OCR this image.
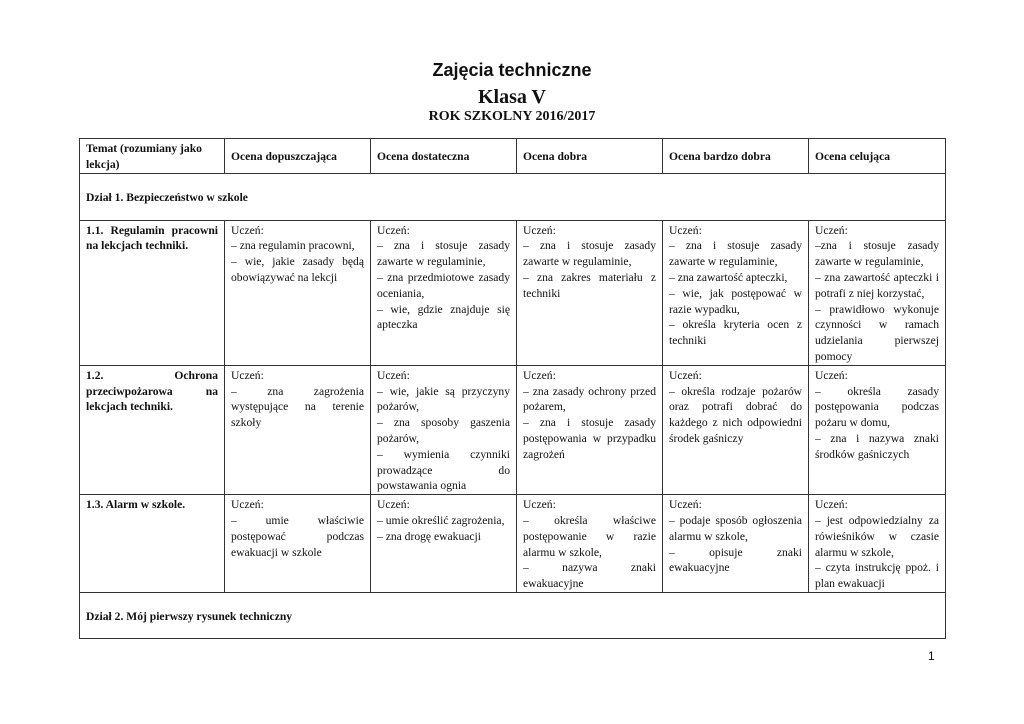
Zajęcia techniczne
Klasa V
ROK SZKOLNY 2016/2017
Temat (rozumiany jako lekcja)	Ocena dopuszczająca	Ocena dostateczna	Ocena dobra	Ocena bardzo dobra	Ocena celująca
Dział 1. Bezpieczeństwo w szkole					
1.1. Regulamin pracowni na lekcjach techniki.	Uczeń:
– zna regulamin pracowni,
– wie, jakie zasady będą obowiązywać na lekcji	Uczeń:
– zna i stosuje zasady zawarte w regulaminie,
– zna przedmiotowe zasady oceniania,
– wie, gdzie znajduje się apteczka	Uczeń:
– zna i stosuje zasady zawarte w regulaminie,
– zna zakres materiału z techniki	Uczeń:
– zna i stosuje zasady zawarte w regulaminie,
– zna zawartość apteczki,
– wie, jak postępować w razie wypadku,
– określa kryteria ocen z techniki	Uczeń:
–zna i stosuje zasady zawarte w regulaminie,
– zna zawartość apteczki i potrafi z niej korzystać,
– prawidłowo wykonuje czynności w ramach udzielania pierwszej pomocy

1.2. Ochrona przeciwpożarowa na lekcjach techniki.	Uczeń:
– zna zagrożenia występujące na terenie szkoły	Uczeń:
– wie, jakie są przyczyny pożarów,
– zna sposoby gaszenia pożarów,
– wymienia czynniki prowadzące do powstawania ognia	Uczeń:
– zna zasady ochrony przed pożarem,
– zna i stosuje zasady postępowania w przypadku zagrożeń	Uczeń:
– określa rodzaje pożarów oraz potrafi dobrać do każdego z nich odpowiedni środek gaśniczy	Uczeń:
– określa zasady postępowania podczas pożaru w domu,
– zna i nazywa znaki środków gaśniczych

1.3. Alarm w szkole.	Uczeń:
– umie właściwie postępować podczas ewakuacji w szkole	Uczeń:
– umie określić zagrożenia,
– zna drogę ewakuacji	Uczeń:
– określa właściwe postępowanie w razie alarmu w szkole,
– nazywa znaki ewakuacyjne	Uczeń:
– podaje sposób ogłoszenia alarmu w szkole,
– opisuje znaki ewakuacyjne	Uczeń:
– jest odpowiedzialny za rówieśników w czasie alarmu w szkole,
– czyta instrukcję ppoż. i plan ewakuacji

Dział 2. Mój pierwszy rysunek techniczny					
1
